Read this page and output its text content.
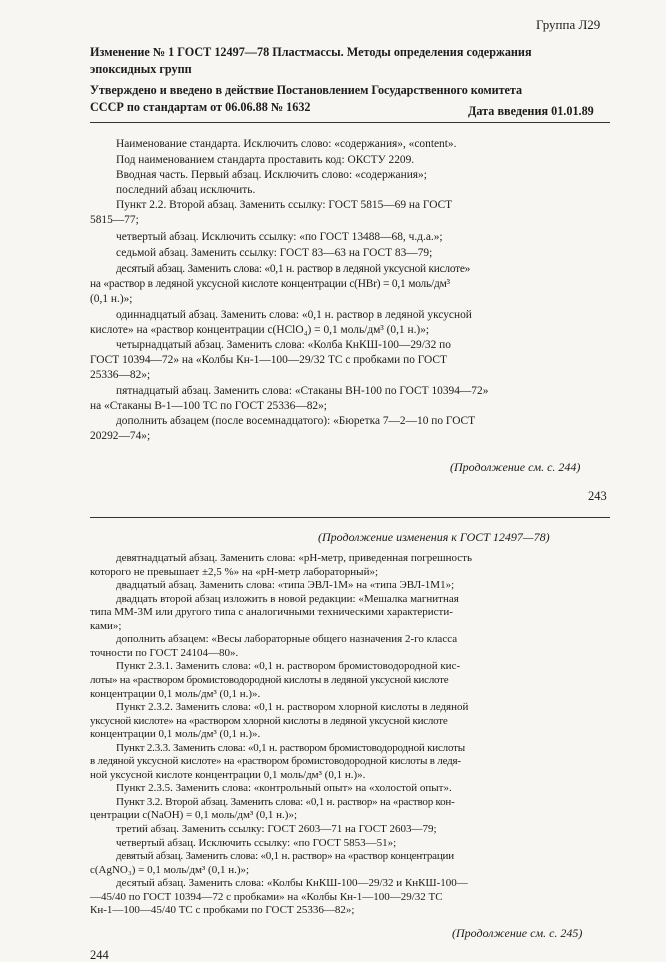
Группа Л29
Изменение № 1 ГОСТ 12497—78 Пластмассы. Методы определения содержания
эпоксидных групп
Утверждено и введено в действие Постановлением Государственного комитета
СССР по стандартам от 06.06.88 № 1632	Дата введения 01.01.89
Наименование стандарта. Исключить слово: «содержания», «content».
Под наименованием стандарта проставить код: ОКСТУ 2209.
Вводная часть. Первый абзац. Исключить слово: «содержания»;
последний абзац исключить.
Пункт 2.2. Второй абзац. Заменить ссылку: ГОСТ 5815—69 на ГОСТ
5815—77;
четвертый абзац. Исключить ссылку: «по ГОСТ 13488—68, ч.д.а.»;
седьмой абзац. Заменить ссылку: ГОСТ 83—63 на ГОСТ 83—79;
десятый абзац. Заменить слова: «0,1 н. раствор в ледяной уксусной кислоте»
на «раствор в ледяной уксусной кислоте концентрации с(HBr) = 0,1 моль/дм³
(0,1 н.)»;
одиннадцатый абзац. Заменить слова: «0,1 н. раствор в ледяной уксусной
кислоте» на «раствор концентрации с(HClO₄) = 0,1 моль/дм³ (0,1 н.)»;
четырнадцатый абзац. Заменить слова: «Колба КнКШ-100—29/32 по
ГОСТ 10394—72» на «Колбы Кн-1—100—29/32 ТС с пробками по ГОСТ
25336—82»;
пятнадцатый абзац. Заменить слова: «Стаканы ВН-100 по ГОСТ 10394—72»
на «Стаканы В-1—100 ТС по ГОСТ 25336—82»;
дополнить абзацем (после восемнадцатого): «Бюретка 7—2—10 по ГОСТ
20292—74»;
(Продолжение см. с. 244)
243
(Продолжение изменения к ГОСТ 12497—78)
девятнадцатый абзац. Заменить слова: «рН-метр, приведенная погрешность
которого не превышает ±2,5 %» на «рН-метр лабораторный»;
двадцатый абзац. Заменить слова: «типа ЭВЛ-1М» на «типа ЭВЛ-1М1»;
двадцать второй абзац изложить в новой редакции: «Мешалка магнитная
типа ММ-3М или другого типа с аналогичными техническими характеристи-
ками»;
дополнить абзацем: «Весы лабораторные общего назначения 2-го класса
точности по ГОСТ 24104—80».
Пункт 2.3.1. Заменить слова: «0,1 н. раствором бромистоводородной кис-
лоты» на «раствором бромистоводородной кислоты в ледяной уксусной кислоте
концентрации 0,1 моль/дм³ (0,1 н.)».
Пункт 2.3.2. Заменить слова: «0,1 н. раствором хлорной кислоты в ледяной
уксусной кислоте» на «раствором хлорной кислоты в ледяной уксусной кислоте
концентрации 0,1 моль/дм³ (0,1 н.)».
Пункт 2.3.3. Заменить слова: «0,1 н. раствором бромистоводородной кислоты
в ледяной уксусной кислоте» на «раствором бромистоводородной кислоты в ледя-
ной уксусной кислоте концентрации 0,1 моль/дм³ (0,1 н.)».
Пункт 2.3.5. Заменить слова: «контрольный опыт» на «холостой опыт».
Пункт 3.2. Второй абзац. Заменить слова: «0,1 н. раствор» на «раствор кон-
центрации с(NaOH) = 0,1 моль/дм³ (0,1 н.)»;
третий абзац. Заменить ссылку: ГОСТ 2603—71 на ГОСТ 2603—79;
четвертый абзац. Исключить ссылку: «по ГОСТ 5853—51»;
девятый абзац. Заменить слова: «0,1 н. раствор» на «раствор концентрации
с(AgNO₃) = 0,1 моль/дм³ (0,1 н.)»;
десятый абзац. Заменить слова: «Колбы КнКШ-100—29/32 и КнКШ-100—
—45/40 по ГОСТ 10394—72 с пробками» на «Колбы Кн-1—100—29/32 ТС
Кн-1—100—45/40 ТС с пробками по ГОСТ 25336—82»;
(Продолжение см. с. 245)
244
